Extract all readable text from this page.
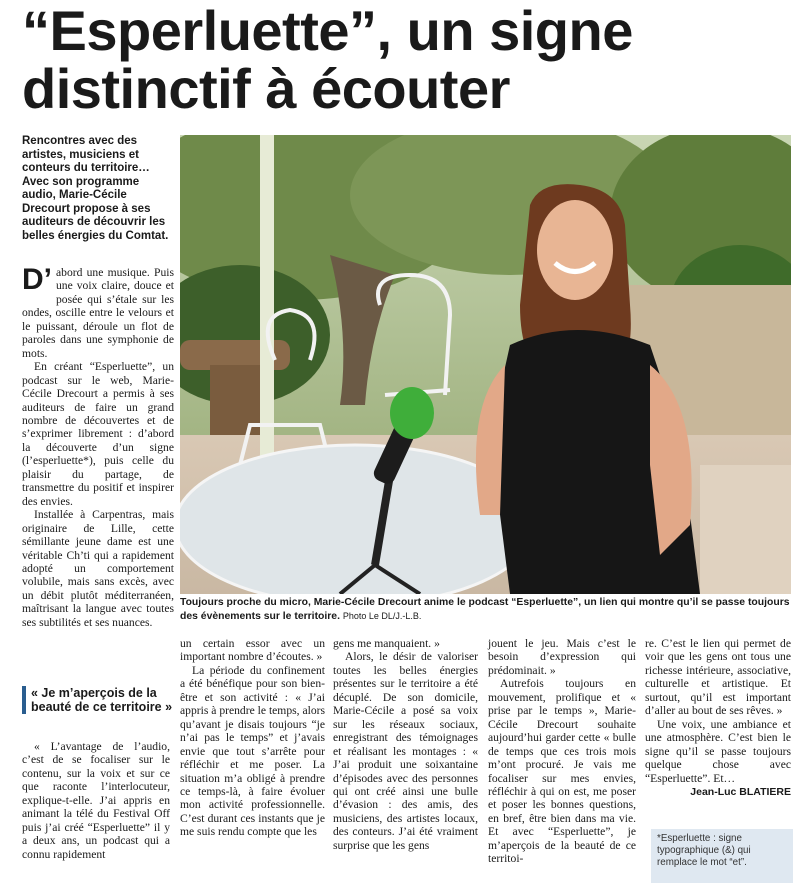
“Esperluette”, un signe
distinctif à écouter
Rencontres avec des artistes, musiciens et conteurs du territoire… Avec son programme audio, Marie-Cécile Drecourt propose à ses auditeurs de découvrir les belles énergies du Comtat.

D’ abord une musique. Puis une voix claire, douce et posée qui s’étale sur les ondes, oscille entre le velours et le puissant, déroule un flot de paroles dans une symphonie de mots.

En créant “Esperluette”, un podcast sur le web, Marie-Cécile Drecourt a permis à ses auditeurs de faire un grand nombre de découvertes et de s’exprimer librement : d’abord la découverte d’un signe (l’esperluette*), puis celle du plaisir du partage, de transmettre du positif et inspirer des envies.

Installée à Carpentras, mais originaire de Lille, cette sémillante jeune dame est une véritable Ch’ti qui a rapidement adopté un comportement volubile, mais sans excès, avec un débit plutôt méditerranéen, maîtrisant la langue avec toutes ses subtilités et ses nuances.

« Je m’aperçois de la beauté de ce territoire »

« L’avantage de l’audio, c’est de se focaliser sur le contenu, sur la voix et sur ce que raconte l’interlocuteur, explique-t-elle. J’ai appris en animant la télé du Festival Off puis j’ai créé “Esperluette” il y a deux ans, un podcast qui a connu rapidement

Toujours proche du micro, Marie-Cécile Drecourt anime le podcast “Esperluette”, un lien qui montre qu’il se passe toujours des évènements sur le territoire. Photo Le DL/J.-L.B.

un certain essor avec un important nombre d’écoutes. »

La période du confinement a été bénéfique pour son bien-être et son activité : « J’ai appris à prendre le temps, alors qu’avant je disais toujours “je n’ai pas le temps” et j’avais envie que tout s’arrête pour réfléchir et me poser. La situation m’a obligé à prendre ce temps-là, à faire évoluer mon activité professionnelle. C’est durant ces instants que je me suis rendu compte que les

gens me manquaient. »

Alors, le désir de valoriser toutes les belles énergies présentes sur le territoire a été décuplé. De son domicile, Marie-Cécile a posé sa voix sur les réseaux sociaux, enregistrant des témoignages et réalisant les montages : « J’ai produit une soixantaine d’épisodes avec des personnes qui ont créé ainsi une bulle d’évasion : des amis, des musiciens, des artistes locaux, des conteurs. J’ai été vraiment surprise que les gens

jouent le jeu. Mais c’est le besoin d’expression qui prédominait. »

Autrefois toujours en mouvement, prolifique et « prise par le temps », Marie-Cécile Drecourt souhaite aujourd’hui garder cette « bulle de temps que ces trois mois m’ont procuré. Je vais me focaliser sur mes envies, réfléchir à qui on est, me poser et poser les bonnes questions, en bref, être bien dans ma vie. Et avec “Esperluette”, je m’aperçois de la beauté de ce territoi-

re. C’est le lien qui permet de voir que les gens ont tous une richesse intérieure, associative, culturelle et artistique. Et surtout, qu’il est important d’aller au bout de ses rêves. »

Une voix, une ambiance et une atmosphère. C’est bien le signe qu’il se passe toujours quelque chose avec “Esperluette”. Et…

Jean-Luc BLATIERE
*Esperluette : signe typographique (&) qui remplace le mot “et”.
